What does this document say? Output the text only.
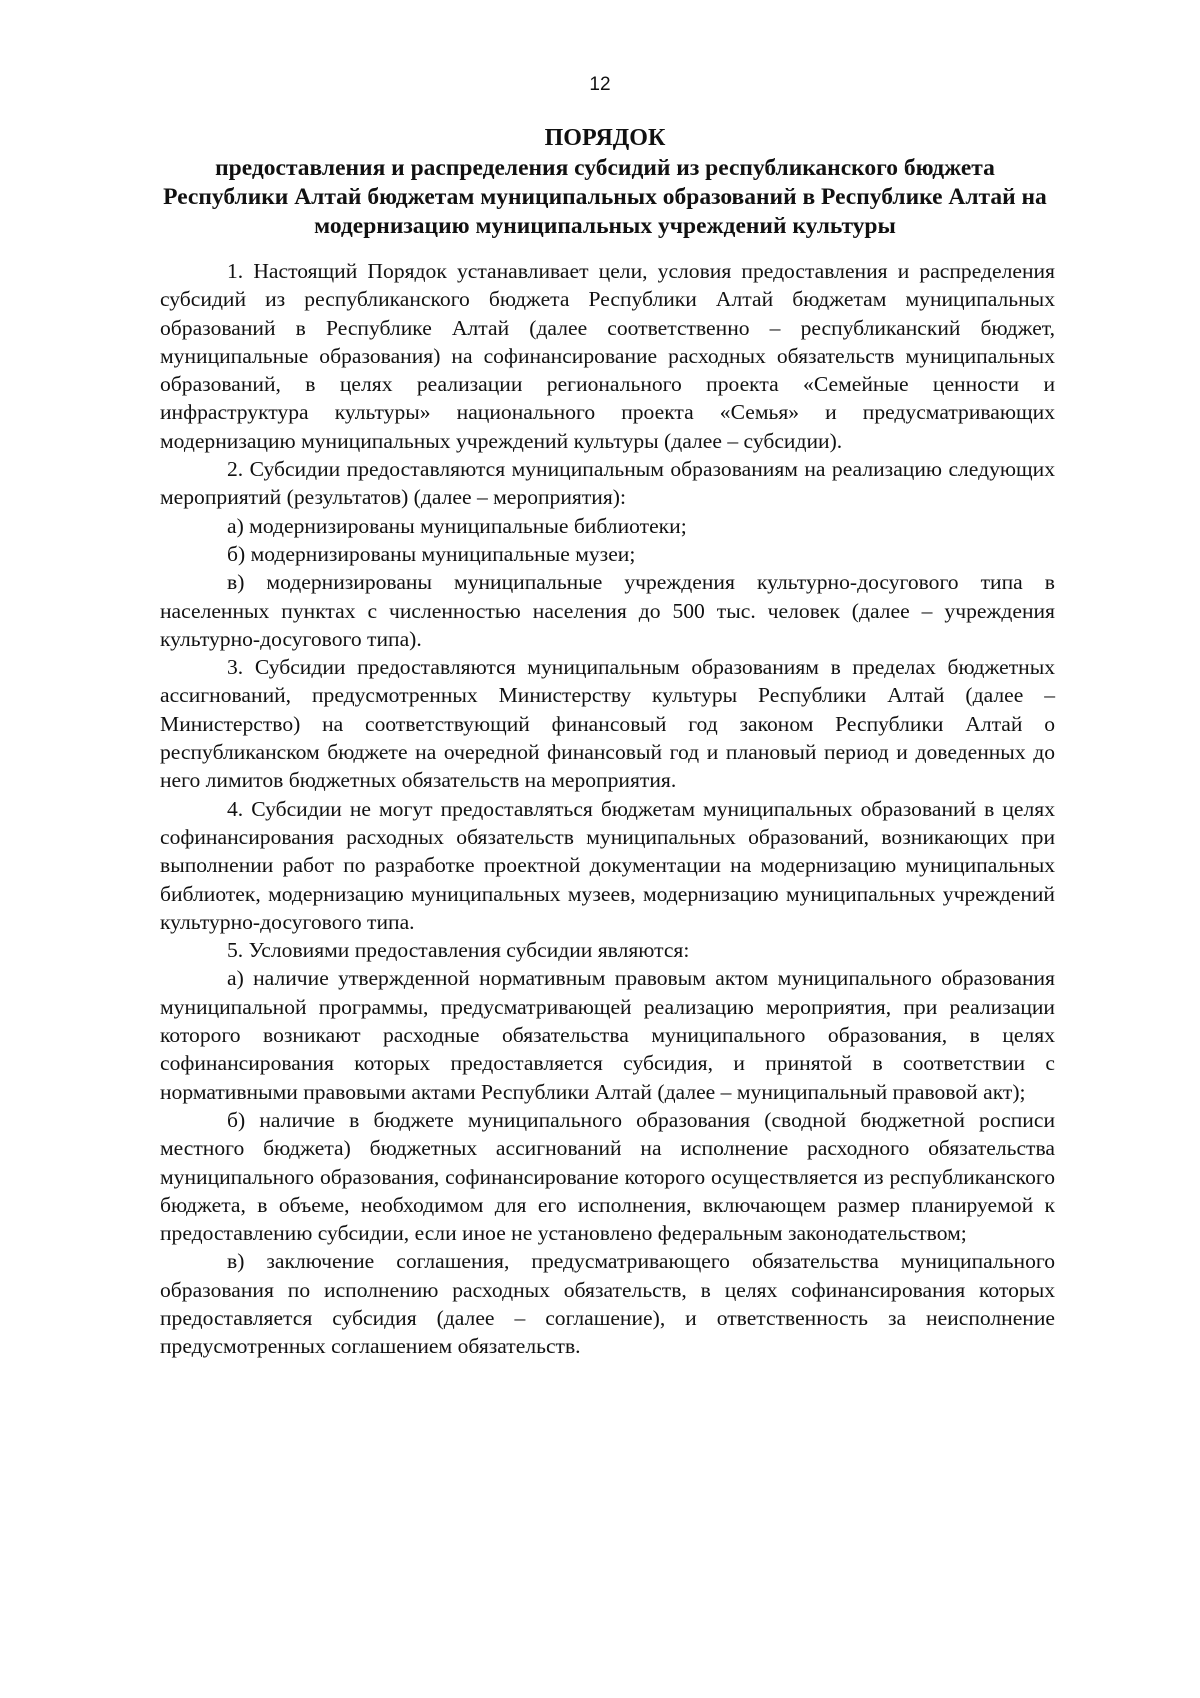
12
ПОРЯДОК
предоставления и распределения субсидий из республиканского бюджета Республики Алтай бюджетам муниципальных образований в Республике Алтай на модернизацию муниципальных учреждений культуры

1. Настоящий Порядок устанавливает цели, условия предоставления и распределения субсидий из республиканского бюджета Республики Алтай бюджетам муниципальных образований в Республике Алтай (далее соответственно – республиканский бюджет, муниципальные образования) на софинансирование расходных обязательств муниципальных образований, в целях реализации регионального проекта «Семейные ценности и инфраструктура культуры» национального проекта «Семья» и предусматривающих модернизацию муниципальных учреждений культуры (далее – субсидии).

2. Субсидии предоставляются муниципальным образованиям на реализацию следующих мероприятий (результатов) (далее – мероприятия):

а) модернизированы муниципальные библиотеки;

б) модернизированы муниципальные музеи;

в) модернизированы муниципальные учреждения культурно-досугового типа в населенных пунктах с численностью населения до 500 тыс. человек (далее – учреждения культурно-досугового типа).

3. Субсидии предоставляются муниципальным образованиям в пределах бюджетных ассигнований, предусмотренных Министерству культуры Республики Алтай (далее – Министерство) на соответствующий финансовый год законом Республики Алтай о республиканском бюджете на очередной финансовый год и плановый период и доведенных до него лимитов бюджетных обязательств на мероприятия.

4. Субсидии не могут предоставляться бюджетам муниципальных образований в целях софинансирования расходных обязательств муниципальных образований, возникающих при выполнении работ по разработке проектной документации на модернизацию муниципальных библиотек, модернизацию муниципальных музеев, модернизацию муниципальных учреждений культурно-досугового типа.

5. Условиями предоставления субсидии являются:

а) наличие утвержденной нормативным правовым актом муниципального образования муниципальной программы, предусматривающей реализацию мероприятия, при реализации которого возникают расходные обязательства муниципального образования, в целях софинансирования которых предоставляется субсидия, и принятой в соответствии с нормативными правовыми актами Республики Алтай (далее – муниципальный правовой акт);

б) наличие в бюджете муниципального образования (сводной бюджетной росписи местного бюджета) бюджетных ассигнований на исполнение расходного обязательства муниципального образования, софинансирование которого осуществляется из республиканского бюджета, в объеме, необходимом для его исполнения, включающем размер планируемой к предоставлению субсидии, если иное не установлено федеральным законодательством;

в) заключение соглашения, предусматривающего обязательства муниципального образования по исполнению расходных обязательств, в целях софинансирования которых предоставляется субсидия (далее – соглашение), и ответственность за неисполнение предусмотренных соглашением обязательств.
